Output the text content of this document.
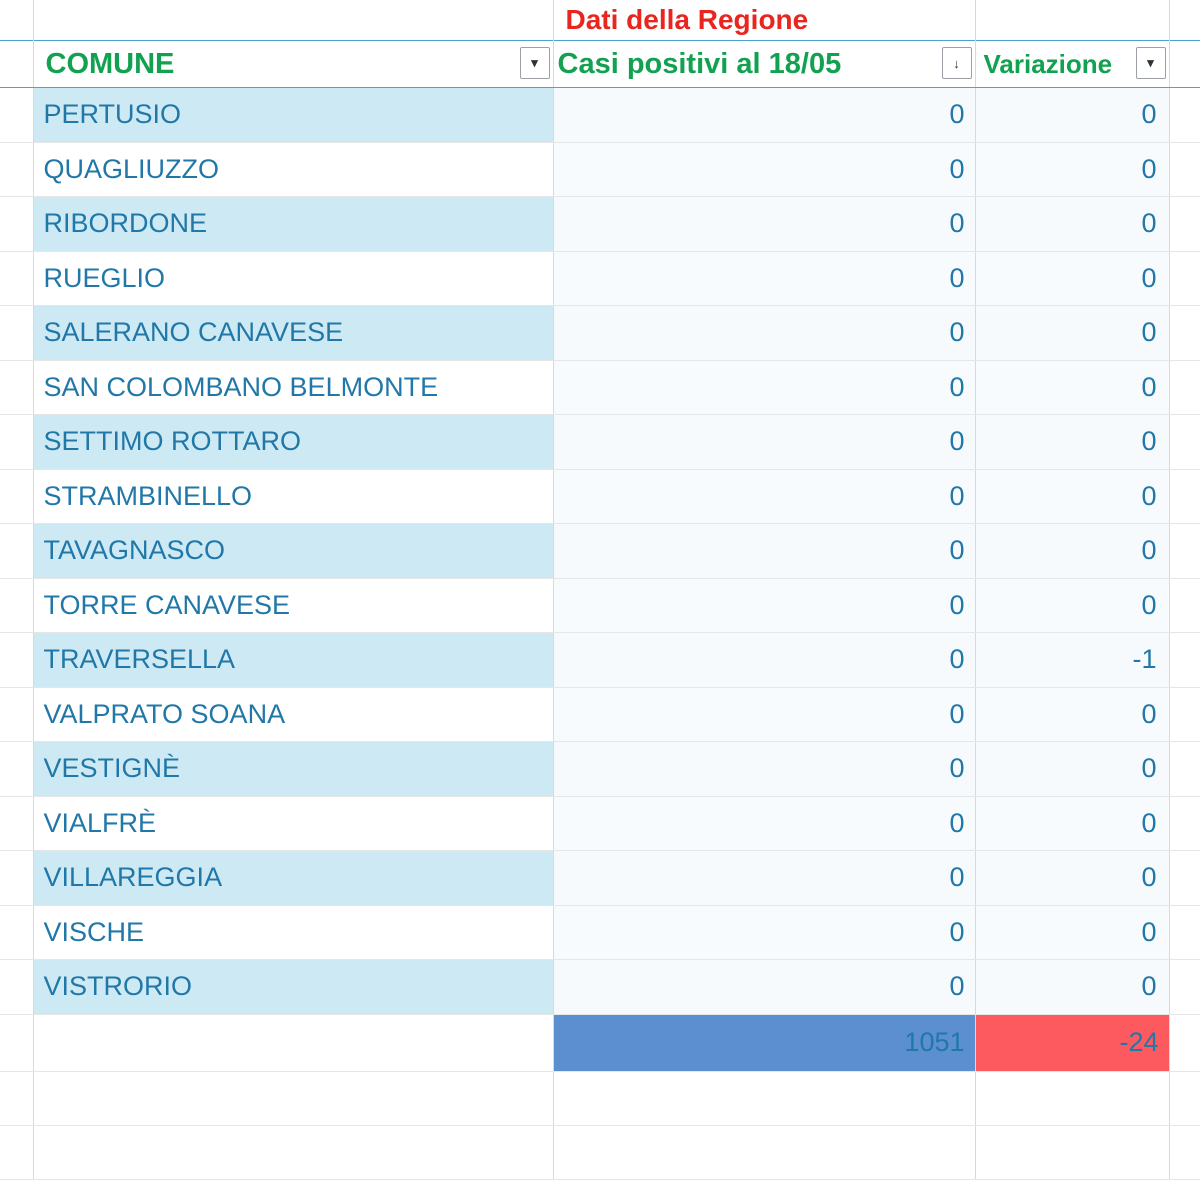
		Dati della Regione		
	COMUNE ▾	Casi positivi al 18/05 ↓	Variazione ▾	

	PERTUSIO	0	0	
	QUAGLIUZZO	0	0	
	RIBORDONE	0	0	
	RUEGLIO	0	0	
	SALERANO CANAVESE	0	0	
	SAN COLOMBANO BELMONTE	0	0	
	SETTIMO ROTTARO	0	0	
	STRAMBINELLO	0	0	
	TAVAGNASCO	0	0	
	TORRE CANAVESE	0	0	
	TRAVERSELLA	0	-1	
	VALPRATO SOANA	0	0	
	VESTIGNÈ	0	0	
	VIALFRÈ	0	0	
	VILLAREGGIA	0	0	
	VISCHE	0	0	
	VISTRORIO	0	0	
		1051	-24	
